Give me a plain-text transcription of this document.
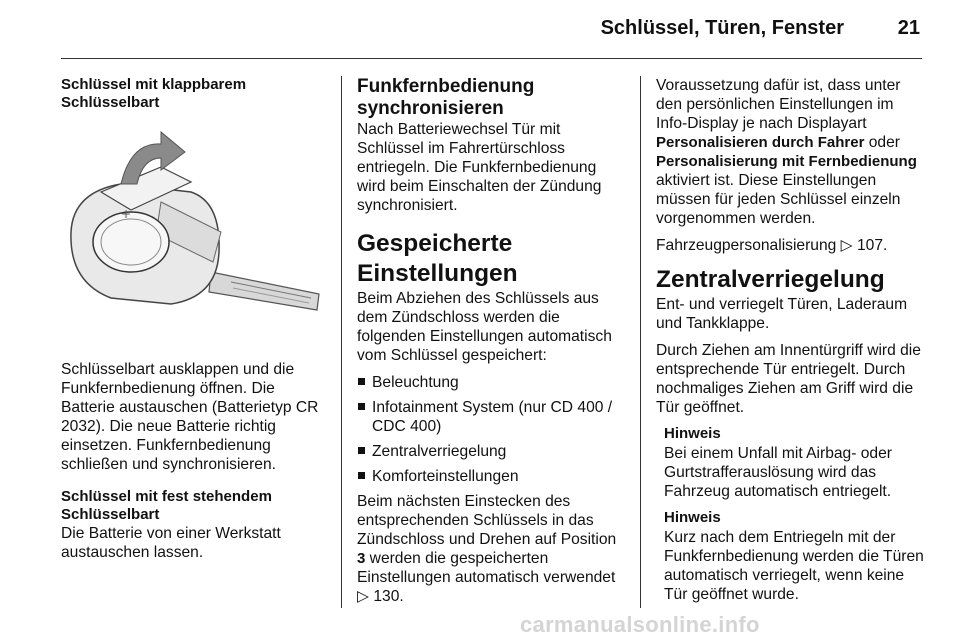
Schlüssel, Türen, Fenster	21
Schlüssel mit klappbarem Schlüsselbart
+

Schlüsselbart ausklappen und die Funkfernbedienung öffnen. Die Batterie austauschen (Batterietyp CR 2032). Die neue Batterie richtig einsetzen. Funkfernbedienung schließen und synchronisieren.

Schlüssel mit fest stehendem Schlüsselbart

Die Batterie von einer Werkstatt austauschen lassen.

Funkfernbedienung synchronisieren

Nach Batteriewechsel Tür mit Schlüssel im Fahrertürschloss entriegeln. Die Funkfernbedienung wird beim Einschalten der Zündung synchronisiert.

Gespeicherte Einstellungen

Beim Abziehen des Schlüssels aus dem Zündschloss werden die folgenden Einstellungen automatisch vom Schlüssel gespeichert:

Beleuchtung
Infotainment System (nur CD 400 / CDC 400)
Zentralverriegelung
Komforteinstellungen

Beim nächsten Einstecken des entsprechenden Schlüssels in das Zündschloss und Drehen auf Position 3 werden die gespeicherten Einstellungen automatisch verwendet ▷ 130.

Voraussetzung dafür ist, dass unter den persönlichen Einstellungen im Info-Display je nach Displayart Personalisieren durch Fahrer oder Personalisierung mit Fernbedienung aktiviert ist. Diese Einstellungen müssen für jeden Schlüssel einzeln vorgenommen werden.

Fahrzeugpersonalisierung ▷ 107.

Zentralverriegelung

Ent- und verriegelt Türen, Laderaum und Tankklappe.

Durch Ziehen am Innentürgriff wird die entsprechende Tür entriegelt. Durch nochmaliges Ziehen am Griff wird die Tür geöffnet.

Hinweis

Bei einem Unfall mit Airbag- oder Gurtstrafferauslösung wird das Fahrzeug automatisch entriegelt.

Hinweis

Kurz nach dem Entriegeln mit der Funkfernbedienung werden die Türen automatisch verriegelt, wenn keine Tür geöffnet wurde.

carmanualsonline.info
